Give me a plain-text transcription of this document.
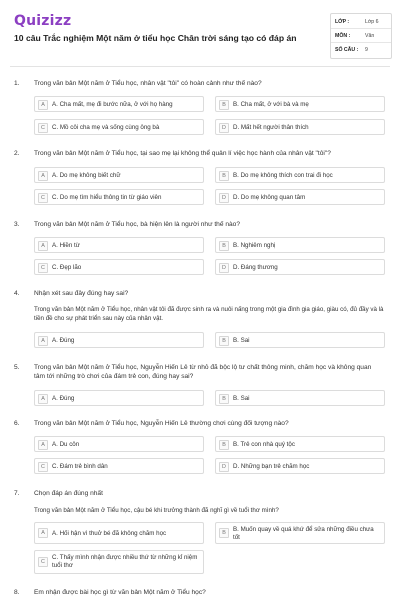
Quizizz
10 câu Trắc nghiệm Một năm ở tiểu học Chân trời sáng tạo có đáp án
LỚP :	Lớp 6
MÔN :	Văn
SỐ CÂU : 9
1. Trong văn bản Một năm ở Tiểu học, nhân vật "tôi" có hoàn cảnh như thế nào?
A	A. Cha mất, mẹ đi bước nữa, ở với họ hàng	B	B. Cha mất, ở với bà và mẹ
C	C. Mồ côi cha mẹ và sống cùng ông bà	D	D. Mất hết người thân thích
2. Trong văn bản Một năm ở Tiểu học, tại sao mẹ lại không thể quản lí việc học hành của nhân vật "tôi"?
A	A. Do mẹ không biết chữ	B	B. Do mẹ không thích con trai đi học
C	C. Do mẹ tìm hiểu thông tin từ giáo viên	D	D. Do mẹ không quan tâm
3. Trong văn bản Một năm ở Tiểu học, bà hiện lên là người như thế nào?
A	A. Hiền từ	B	B. Nghiêm nghị
C	C. Đẹp lão	D	D. Đáng thương
4. Nhận xét sau đây đúng hay sai?
Trong văn bản Một năm ở Tiểu học, nhân vật tôi đã được sinh ra và nuôi nấng trong một gia đình gia giáo, giàu có, đủ đầy và là tiền đề cho sự phát triển sau này của nhân vật.
A	A. Đúng	B	B. Sai
5. Trong văn bản Một năm ở Tiểu học, Nguyễn Hiến Lê từ nhỏ đã bộc lộ tư chất thông minh, chăm học và không quan tâm tới những trò chơi của đám trẻ con, đúng hay sai?
A	A. Đúng	B	B. Sai
6. Trong văn bản Một năm ở Tiểu học, Nguyễn Hiến Lê thường chơi cùng đối tượng nào?
A	A. Du côn	B	B. Trẻ con nhà quý tộc
C	C. Đám trẻ bình dân	D	D. Những bạn trẻ chăm học
7. Chọn đáp án đúng nhất
Trong văn bản Một năm ở Tiểu học, cậu bé khi trưởng thành đã nghĩ gì về tuổi thơ mình?
A	A. Hối hận vì thuở bé đã không chăm học	B	B. Muốn quay về quá khứ để sửa những điều chưa tốt
C
C. Thấy mình nhận được nhiều thứ từ những kỉ niệm tuổi thơ
8. Em nhận được bài học gì từ văn bản Một năm ở Tiểu học?
